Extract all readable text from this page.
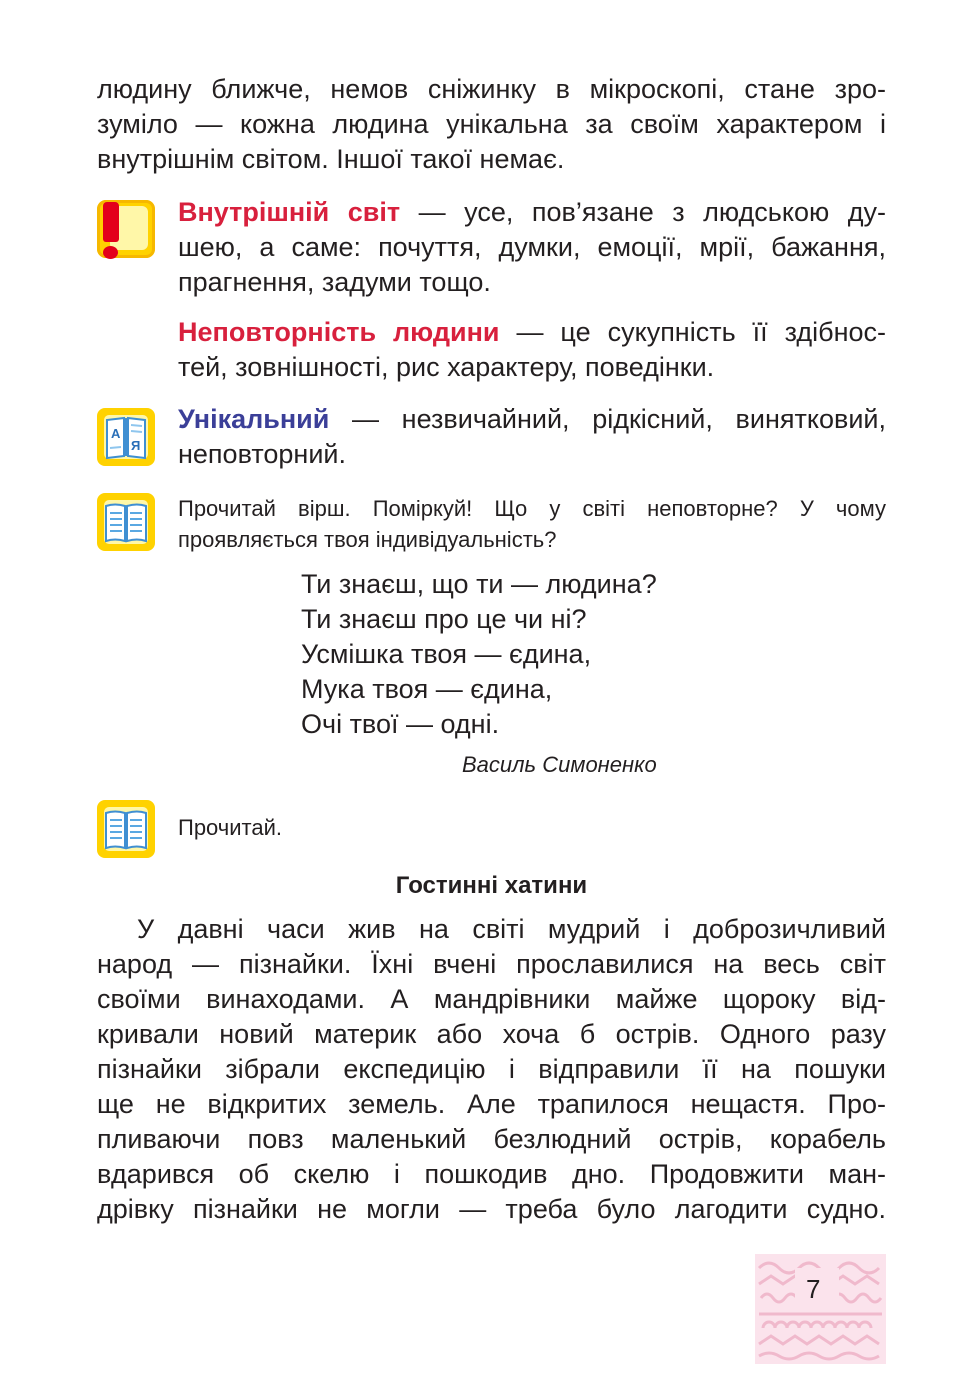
людину ближче, немов сніжинку в мікроскопі, стане зро-
зуміло — кожна людина унікальна за своїм характером і
внутрішнім світом. Іншої такої немає.
Внутрішній світ — усе, пов’язане з людською ду-
шею, а саме: почуття, думки, емоції, мрії, бажання,
прагнення, задуми тощо.
Неповторність людини — це сукупність її здібнос-
тей, зовнішності, рис характеру, поведінки.
А
Я
Унікальний — незвичайний, рідкісний, винятковий,
неповторний.
Прочитай вірш. Поміркуй! Що у світі неповторне? У чому
проявляється твоя індивідуальність?
Ти знаєш, що ти — людина?
Ти знаєш про це чи ні?
Усмішка твоя — єдина,
Мука твоя — єдина,
Очі твої — одні.
Василь Симоненко
Прочитай.
Гостинні хатини
У давні часи жив на світі мудрий і доброзичливий
народ — пізнайки. Їхні вчені прославилися на весь світ
своїми винаходами. А мандрівники майже щороку від-
кривали новий материк або хоча б острів. Одного разу
пізнайки зібрали експедицію і відправили її на пошуки
ще не відкритих земель. Але трапилося нещастя. Про-
пливаючи повз маленький безлюдний острів, корабель
вдарився об скелю і пошкодив дно. Продовжити ман-
дрівку пізнайки не могли — треба було лагодити судно.
7
